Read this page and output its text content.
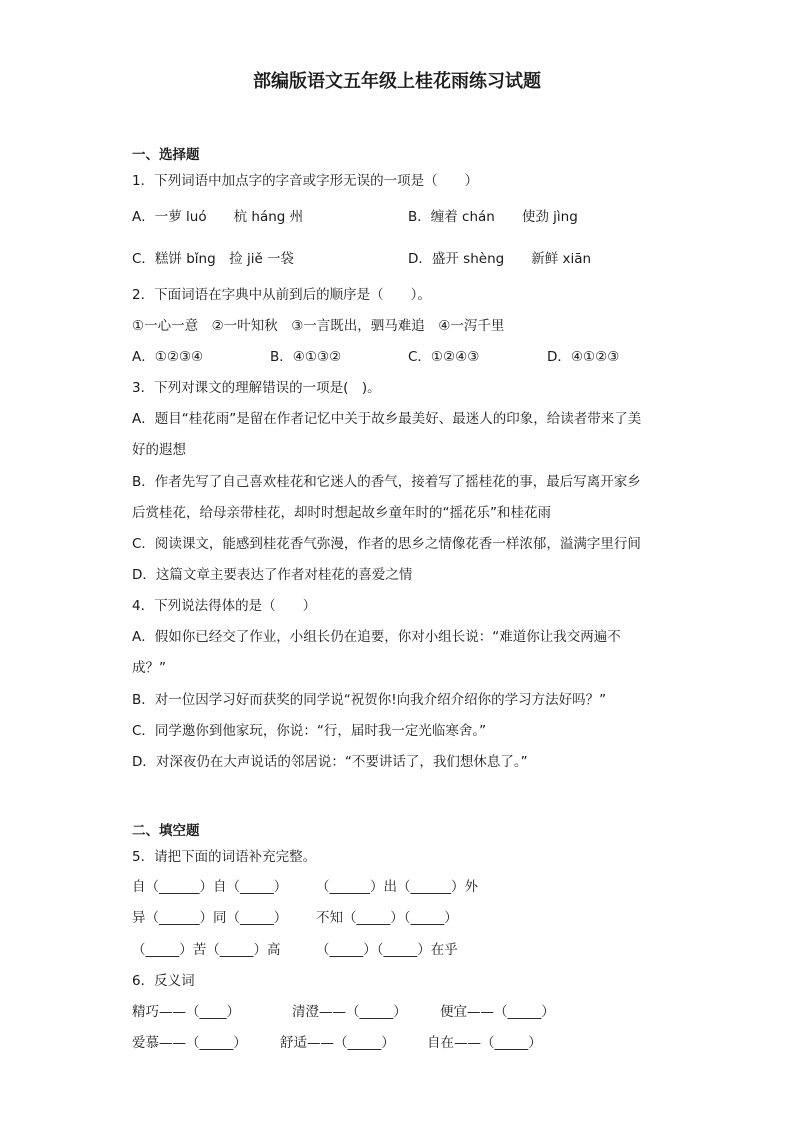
部编版语文五年级上桂花雨练习试题
一、选择题
1．下列词语中加点字的字音或字形无误的一项是（　　）
A．一萝 luó　　杭 háng 州	B．缠着 chán　　使劲 jìng
C．糕饼 bǐng　捡 jiě 一袋	D．盛开 shèng　　新鲜 xiān
2．下面词语在字典中从前到后的顺序是（　　）。
①一心一意　②一叶知秋　③一言既出，驷马难追　④一泻千里
A．①②③④	B．④①③②	C．①②④③	D．④①②③
3．下列对课文的理解错误的一项是(　)。
A．题目“桂花雨”是留在作者记忆中关于故乡最美好、最迷人的印象，给读者带来了美
好的遐想
B．作者先写了自己喜欢桂花和它迷人的香气，接着写了摇桂花的事，最后写离开家乡
后赏桂花，给母亲带桂花，却时时想起故乡童年时的“摇花乐”和桂花雨
C．阅读课文，能感到桂花香气弥漫，作者的思乡之情像花香一样浓郁，溢满字里行间
D．这篇文章主要表达了作者对桂花的喜爱之情
4．下列说法得体的是（　　）
A．假如你已经交了作业，小组长仍在追要，你对小组长说：“难道你让我交两遍不
成？”
B．对一位因学习好而获奖的同学说“祝贺你!向我介绍介绍你的学习方法好吗？”
C．同学邀你到他家玩，你说：“行，届时我一定光临寒舍。”
D．对深夜仍在大声说话的邻居说：“不要讲话了，我们想休息了。”
二、填空题
5．请把下面的词语补充完整。
自（______）自（_____） （______）出（______）外
异（______）同（_____） 不知（_____）（_____）
（_____）苦（_____）高	（_____）（_____）在乎
6．反义词
精巧——（____）	清澄——（_____） 便宜——（_____）
爱慕——（_____） 舒适——（_____） 自在——（_____）
